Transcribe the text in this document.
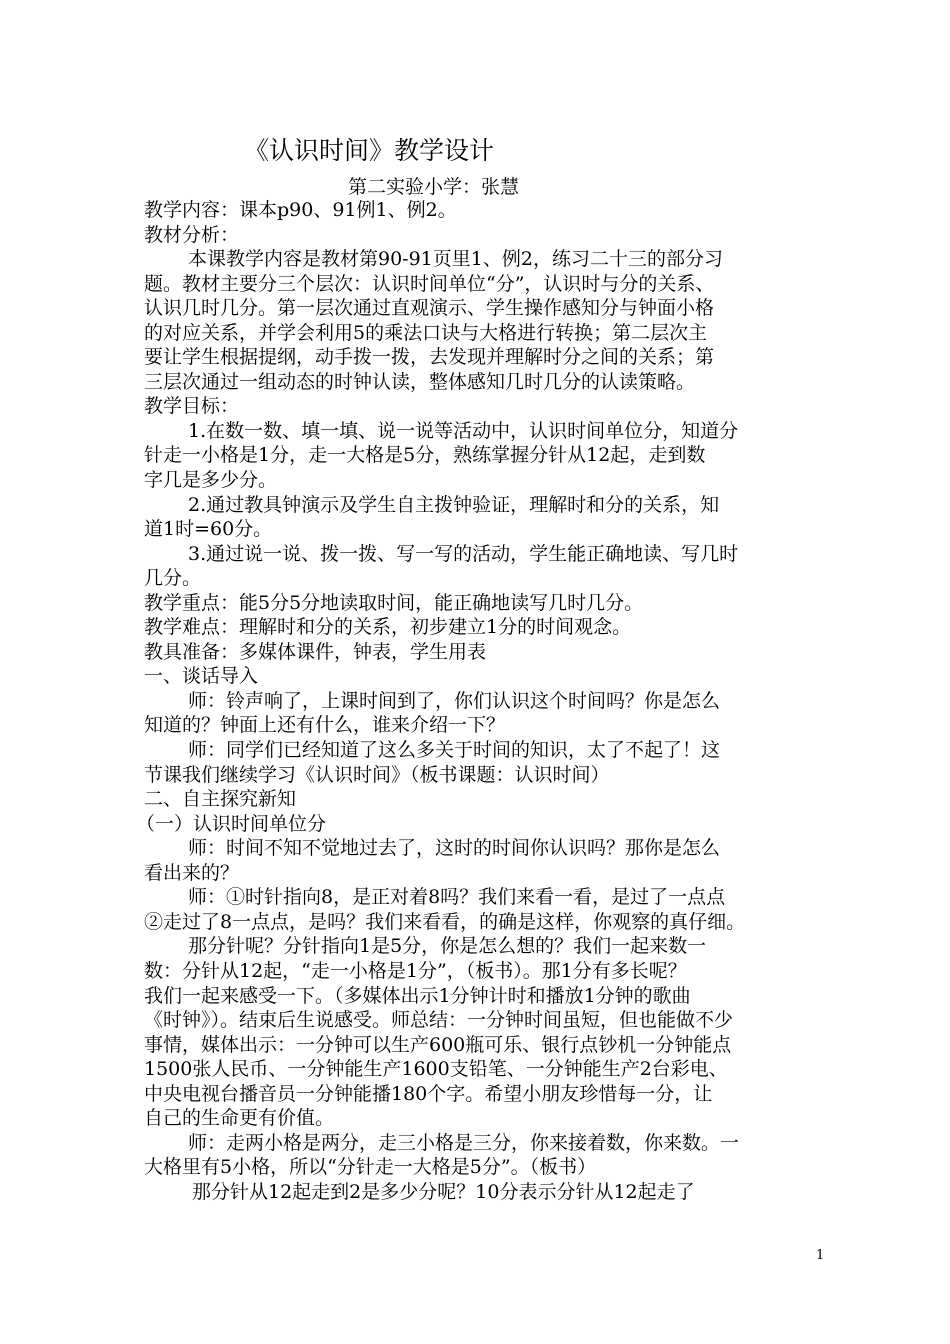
《认识时间》教学设计
第二实验小学：张慧

教学内容：课本p90、91例1、例2。

教材分析：

本课教学内容是教材第90-91页里1、例2，练习二十三的部分习

题。教材主要分三个层次：认识时间单位“分”，认识时与分的关系、

认识几时几分。第一层次通过直观演示、学生操作感知分与钟面小格

的对应关系，并学会利用5的乘法口诀与大格进行转换；第二层次主

要让学生根据提纲，动手拨一拨，去发现并理解时分之间的关系；第

三层次通过一组动态的时钟认读，整体感知几时几分的认读策略。

教学目标：

1.在数一数、填一填、说一说等活动中，认识时间单位分，知道分

针走一小格是1分，走一大格是5分，熟练掌握分针从12起，走到数

字几是多少分。

2.通过教具钟演示及学生自主拨钟验证，理解时和分的关系，知

道1时=60分。

3.通过说一说、拨一拨、写一写的活动，学生能正确地读、写几时

几分。

教学重点：能5分5分地读取时间，能正确地读写几时几分。

教学难点：理解时和分的关系，初步建立1分的时间观念。

教具准备：多媒体课件，钟表，学生用表

一、谈话导入

师：铃声响了，上课时间到了，你们认识这个时间吗？你是怎么

知道的？钟面上还有什么，谁来介绍一下？

师：同学们已经知道了这么多关于时间的知识，太了不起了！这

节课我们继续学习《认识时间》（板书课题：认识时间）

二、自主探究新知

（一）认识时间单位分

师：时间不知不觉地过去了，这时的时间你认识吗？那你是怎么

看出来的？

师：①时针指向8，是正对着8吗？我们来看一看，是过了一点点

②走过了8一点点，是吗？我们来看看，的确是这样，你观察的真仔细。

那分针呢？分针指向1是5分，你是怎么想的？我们一起来数一

数：分针从12起，“走一小格是1分”，（板书）。那1分有多长呢？

我们一起来感受一下。（多媒体出示1分钟计时和播放1分钟的歌曲

《时钟》）。结束后生说感受。师总结：一分钟时间虽短，但也能做不少

事情，媒体出示：一分钟可以生产600瓶可乐、银行点钞机一分钟能点

1500张人民币、一分钟能生产1600支铅笔、一分钟能生产2台彩电、

中央电视台播音员一分钟能播180个字。希望小朋友珍惜每一分，让

自己的生命更有价值。

师：走两小格是两分，走三小格是三分，你来接着数，你来数。一

大格里有5小格，所以“分针走一大格是5分”。（板书）

那分针从12起走到2是多少分呢？10分表示分针从12起走了

1
